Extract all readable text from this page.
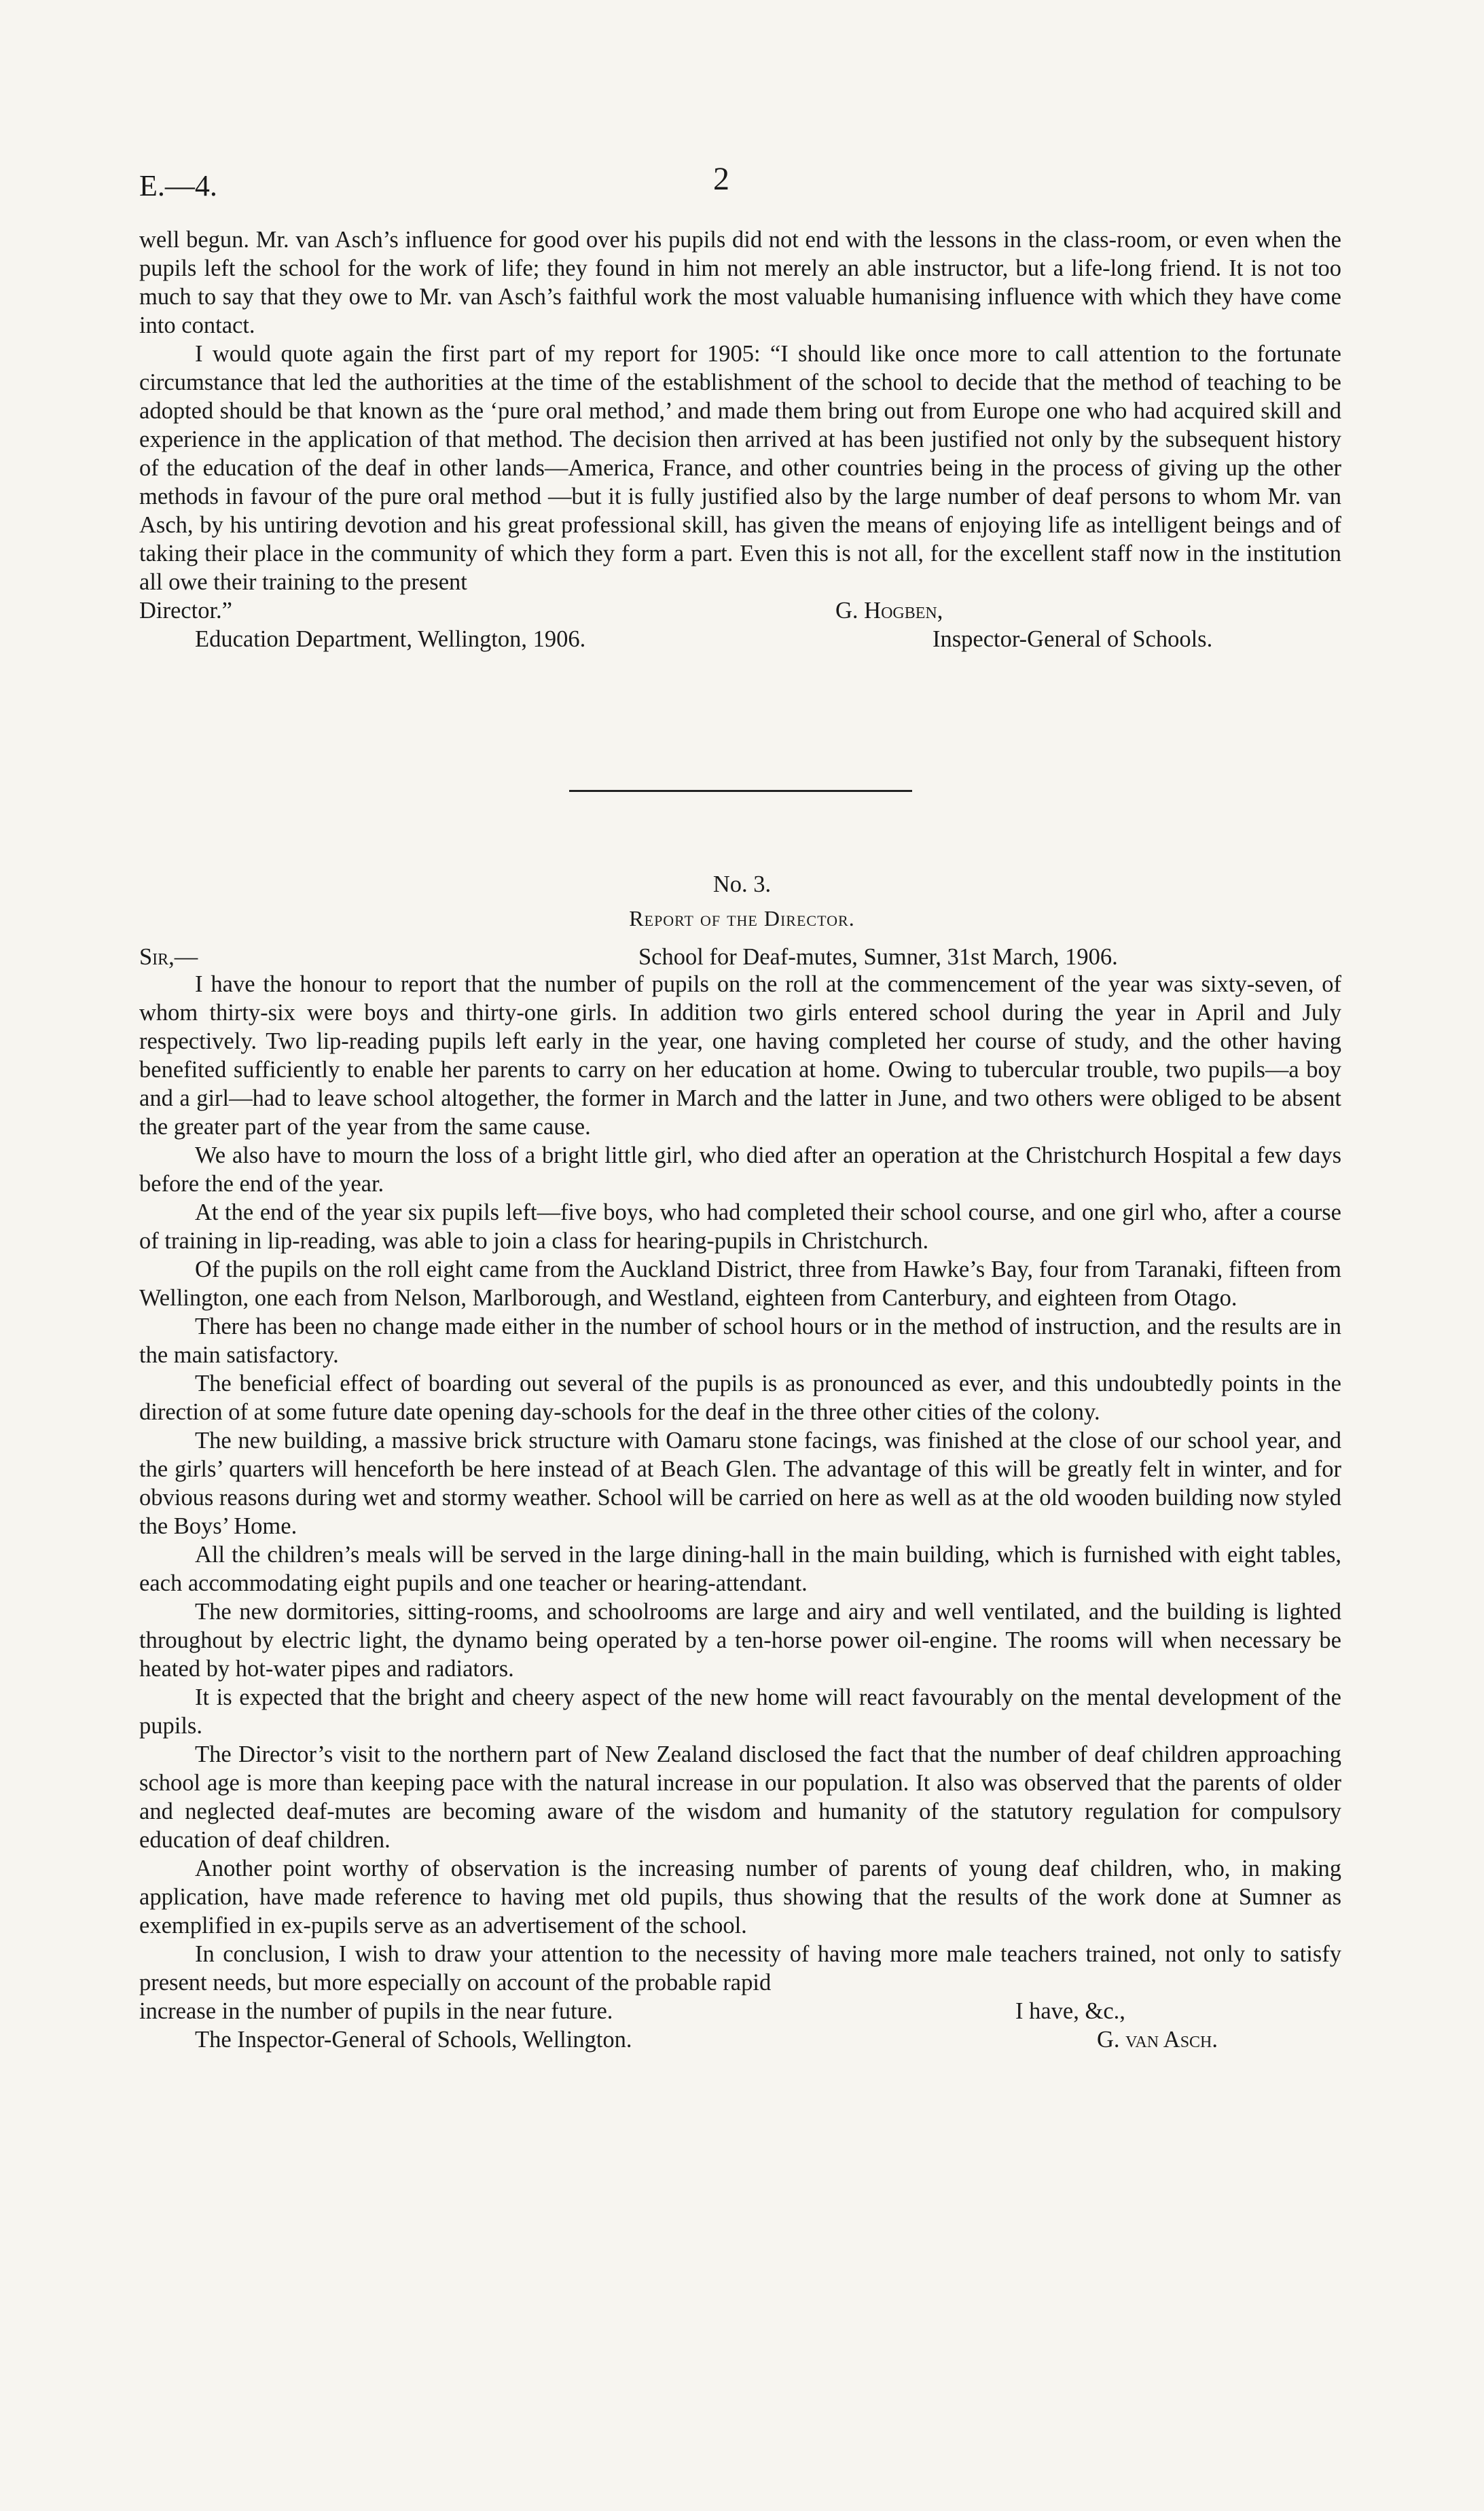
E.—4.	2

well begun. Mr. van Asch’s influence for good over his pupils did not end with the lessons in the class-room, or even when the pupils left the school for the work of life; they found in him not merely an able instructor, but a life-long friend. It is not too much to say that they owe to Mr. van Asch’s faithful work the most valuable humanising influence with which they have come into contact.

I would quote again the first part of my report for 1905: “I should like once more to call attention to the fortunate circumstance that led the authorities at the time of the establishment of the school to decide that the method of teaching to be adopted should be that known as the ‘pure oral method,’ and made them bring out from Europe one who had acquired skill and experience in the application of that method. The decision then arrived at has been justified not only by the subsequent history of the education of the deaf in other lands—America, France, and other countries being in the process of giving up the other methods in favour of the pure oral method —but it is fully justified also by the large number of deaf persons to whom Mr. van Asch, by his untiring devotion and his great professional skill, has given the means of enjoying life as intelligent beings and of taking their place in the community of which they form a part. Even this is not all, for the excellent staff now in the institution all owe their training to the present

Director.”	G. Hogben,
Education Department, Wellington, 1906.	Inspector-General of Schools.
No. 3.
Report of the Director.
Sir,—	School for Deaf-mutes, Sumner, 31st March, 1906.

I have the honour to report that the number of pupils on the roll at the commencement of the year was sixty-seven, of whom thirty-six were boys and thirty-one girls. In addition two girls entered school during the year in April and July respectively. Two lip-reading pupils left early in the year, one having completed her course of study, and the other having benefited sufficiently to enable her parents to carry on her education at home. Owing to tubercular trouble, two pupils—a boy and a girl—had to leave school altogether, the former in March and the latter in June, and two others were obliged to be absent the greater part of the year from the same cause.

We also have to mourn the loss of a bright little girl, who died after an operation at the Christchurch Hospital a few days before the end of the year.

At the end of the year six pupils left—five boys, who had completed their school course, and one girl who, after a course of training in lip-reading, was able to join a class for hearing-pupils in Christchurch.

Of the pupils on the roll eight came from the Auckland District, three from Hawke’s Bay, four from Taranaki, fifteen from Wellington, one each from Nelson, Marlborough, and Westland, eighteen from Canterbury, and eighteen from Otago.

There has been no change made either in the number of school hours or in the method of instruction, and the results are in the main satisfactory.

The beneficial effect of boarding out several of the pupils is as pronounced as ever, and this undoubtedly points in the direction of at some future date opening day-schools for the deaf in the three other cities of the colony.

The new building, a massive brick structure with Oamaru stone facings, was finished at the close of our school year, and the girls’ quarters will henceforth be here instead of at Beach Glen. The advantage of this will be greatly felt in winter, and for obvious reasons during wet and stormy weather. School will be carried on here as well as at the old wooden building now styled the Boys’ Home.

All the children’s meals will be served in the large dining-hall in the main building, which is furnished with eight tables, each accommodating eight pupils and one teacher or hearing-attendant.

The new dormitories, sitting-rooms, and schoolrooms are large and airy and well ventilated, and the building is lighted throughout by electric light, the dynamo being operated by a ten-horse power oil-engine. The rooms will when necessary be heated by hot-water pipes and radiators.

It is expected that the bright and cheery aspect of the new home will react favourably on the mental development of the pupils.

The Director’s visit to the northern part of New Zealand disclosed the fact that the number of deaf children approaching school age is more than keeping pace with the natural increase in our population. It also was observed that the parents of older and neglected deaf-mutes are becoming aware of the wisdom and humanity of the statutory regulation for compulsory education of deaf children.

Another point worthy of observation is the increasing number of parents of young deaf children, who, in making application, have made reference to having met old pupils, thus showing that the results of the work done at Sumner as exemplified in ex-pupils serve as an advertisement of the school.

In conclusion, I wish to draw your attention to the necessity of having more male teachers trained, not only to satisfy present needs, but more especially on account of the probable rapid

increase in the number of pupils in the near future.	I have, &c.,
The Inspector-General of Schools, Wellington.	G. van Asch.
